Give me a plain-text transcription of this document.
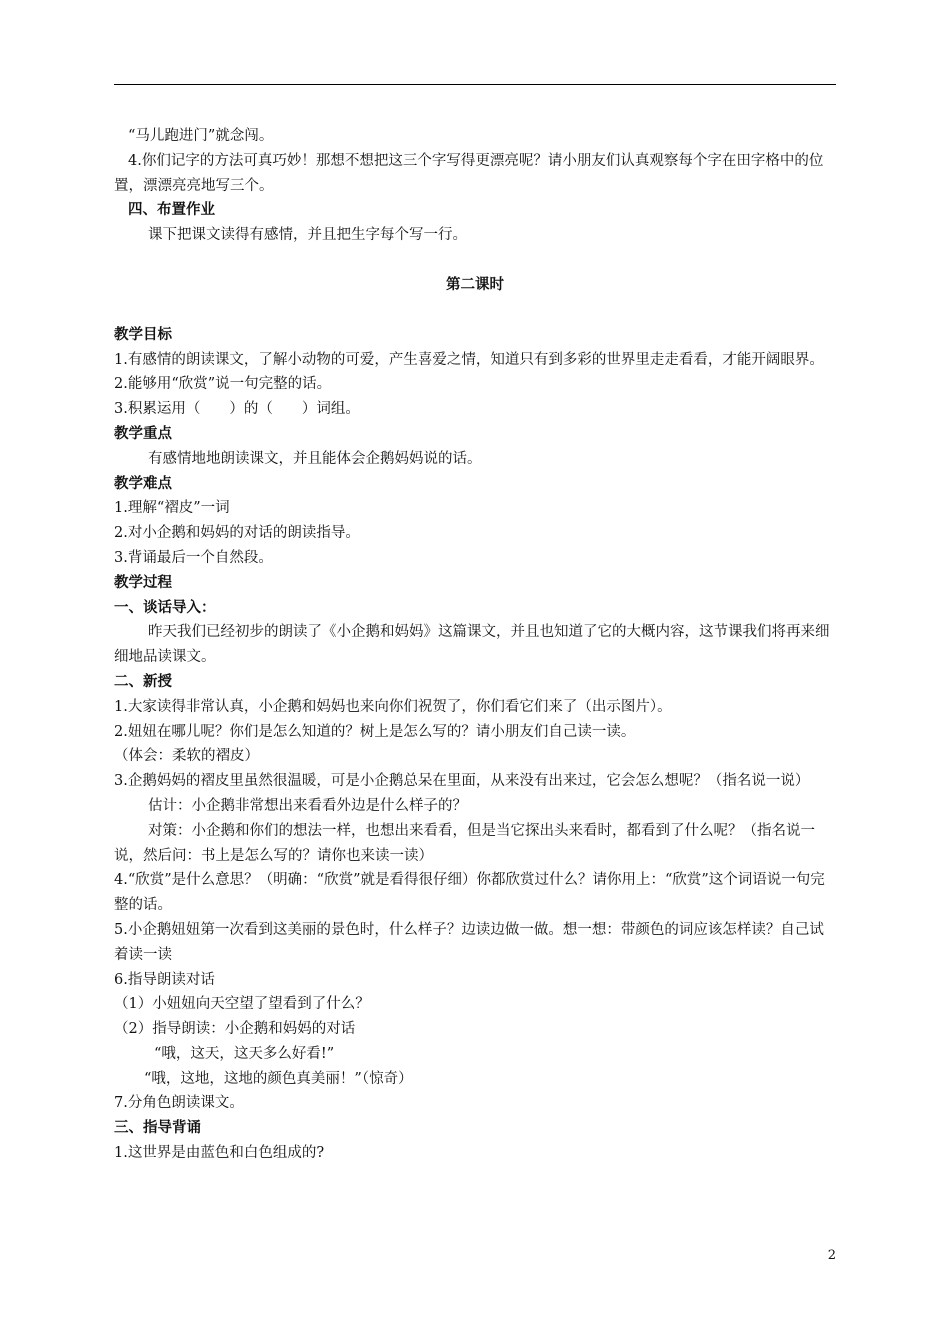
“马儿跑进门”就念闯。

4.你们记字的方法可真巧妙！那想不想把这三个字写得更漂亮呢？请小朋友们认真观察每个字在田字格中的位置，漂漂亮亮地写三个。

四、布置作业

课下把课文读得有感情，并且把生字每个写一行。

第二课时

教学目标

1.有感情的朗读课文，了解小动物的可爱，产生喜爱之情，知道只有到多彩的世界里走走看看，才能开阔眼界。

2.能够用“欣赏”说一句完整的话。

3.积累运用（　　）的（　　）词组。

教学重点

有感情地地朗读课文，并且能体会企鹅妈妈说的话。

教学难点

1.理解“褶皮”一词

2.对小企鹅和妈妈的对话的朗读指导。

3.背诵最后一个自然段。

教学过程

一、谈话导入：

昨天我们已经初步的朗读了《小企鹅和妈妈》这篇课文，并且也知道了它的大概内容，这节课我们将再来细细地品读课文。

二、新授

1.大家读得非常认真，小企鹅和妈妈也来向你们祝贺了，你们看它们来了（出示图片）。

2.妞妞在哪儿呢？你们是怎么知道的？树上是怎么写的？请小朋友们自己读一读。

（体会：柔软的褶皮）

3.企鹅妈妈的褶皮里虽然很温暖，可是小企鹅总呆在里面，从来没有出来过，它会怎么想呢？（指名说一说）

估计：小企鹅非常想出来看看外边是什么样子的？

对策：小企鹅和你们的想法一样，也想出来看看，但是当它探出头来看时，都看到了什么呢？（指名说一说，然后问：书上是怎么写的？请你也来读一读）

4.“欣赏”是什么意思？（明确：“欣赏”就是看得很仔细）你都欣赏过什么？请你用上：“欣赏”这个词语说一句完整的话。

5.小企鹅妞妞第一次看到这美丽的景色时，什么样子？边读边做一做。想一想：带颜色的词应该怎样读？自己试着读一读

6.指导朗读对话

（1）小妞妞向天空望了望看到了什么？

（2）指导朗读：小企鹅和妈妈的对话

“哦，这天，这天多么好看!”

“哦，这地，这地的颜色真美丽！”（惊奇）

7.分角色朗读课文。

三、指导背诵

1.这世界是由蓝色和白色组成的?

2
